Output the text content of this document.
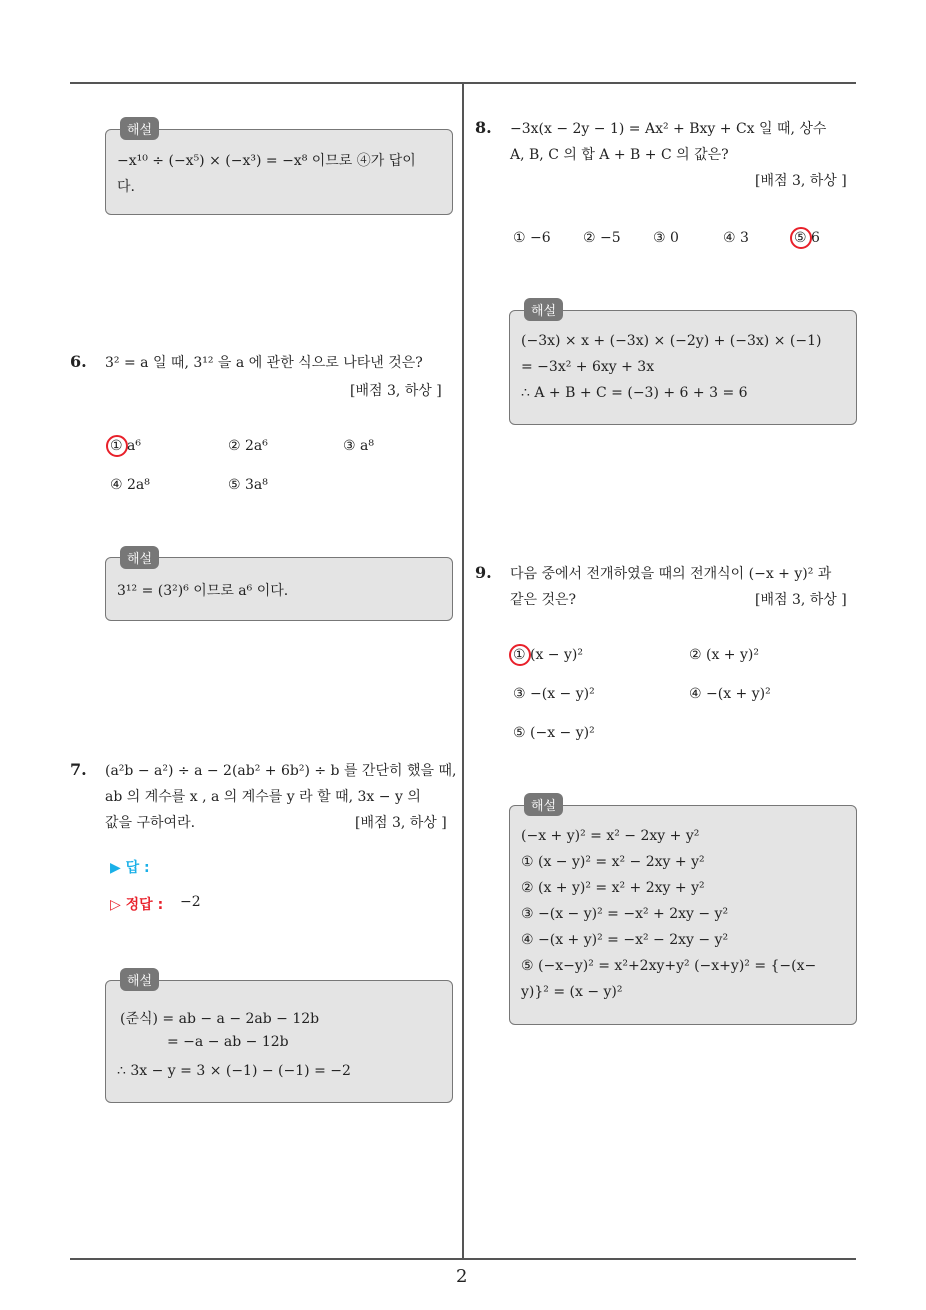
2
해설
−x¹⁰ ÷ (−x⁵) × (−x³) = −x⁸ 이므로 ④가 답이
다.
6. 3² = a 일 때, 3¹² 을 a 에 관한 식으로 나타낸 것은?
[배점 3, 하상 ]
① a⁶	② 2a⁶	③ a⁸
④ 2a⁸	⑤ 3a⁸
해설
3¹² = (3²)⁶ 이므로 a⁶ 이다.
7. (a²b − a²) ÷ a − 2(ab² + 6b²) ÷ b 를 간단히 했을 때,
ab 의 계수를 x , a 의 계수를 y 라 할 때, 3x − y 의
값을 구하여라.	[배점 3, 하상 ]
▶ 답 :
▷ 정답 : −2
해설
(준식) = ab − a − 2ab − 12b
= −a − ab − 12b
∴ 3x − y = 3 × (−1) − (−1) = −2
8. −3x(x − 2y − 1) = Ax² + Bxy + Cx 일 때, 상수
A, B, C 의 합 A + B + C 의 값은?
[배점 3, 하상 ]
① −6 ② −5 ③ 0	④ 3	⑤ 6
해설
(−3x) × x + (−3x) × (−2y) + (−3x) × (−1)
= −3x² + 6xy + 3x
∴ A + B + C = (−3) + 6 + 3 = 6
9. 다음 중에서 전개하였을 때의 전개식이 (−x + y)² 과
같은 것은?	[배점 3, 하상 ]
① (x − y)²	② (x + y)²
③ −(x − y)²	④ −(x + y)²
⑤ (−x − y)²
해설
(−x + y)² = x² − 2xy + y²
① (x − y)² = x² − 2xy + y²
② (x + y)² = x² + 2xy + y²
③ −(x − y)² = −x² + 2xy − y²
④ −(x + y)² = −x² − 2xy − y²
⑤ (−x−y)² = x²+2xy+y² (−x+y)² = {−(x−
y)}² = (x − y)²
